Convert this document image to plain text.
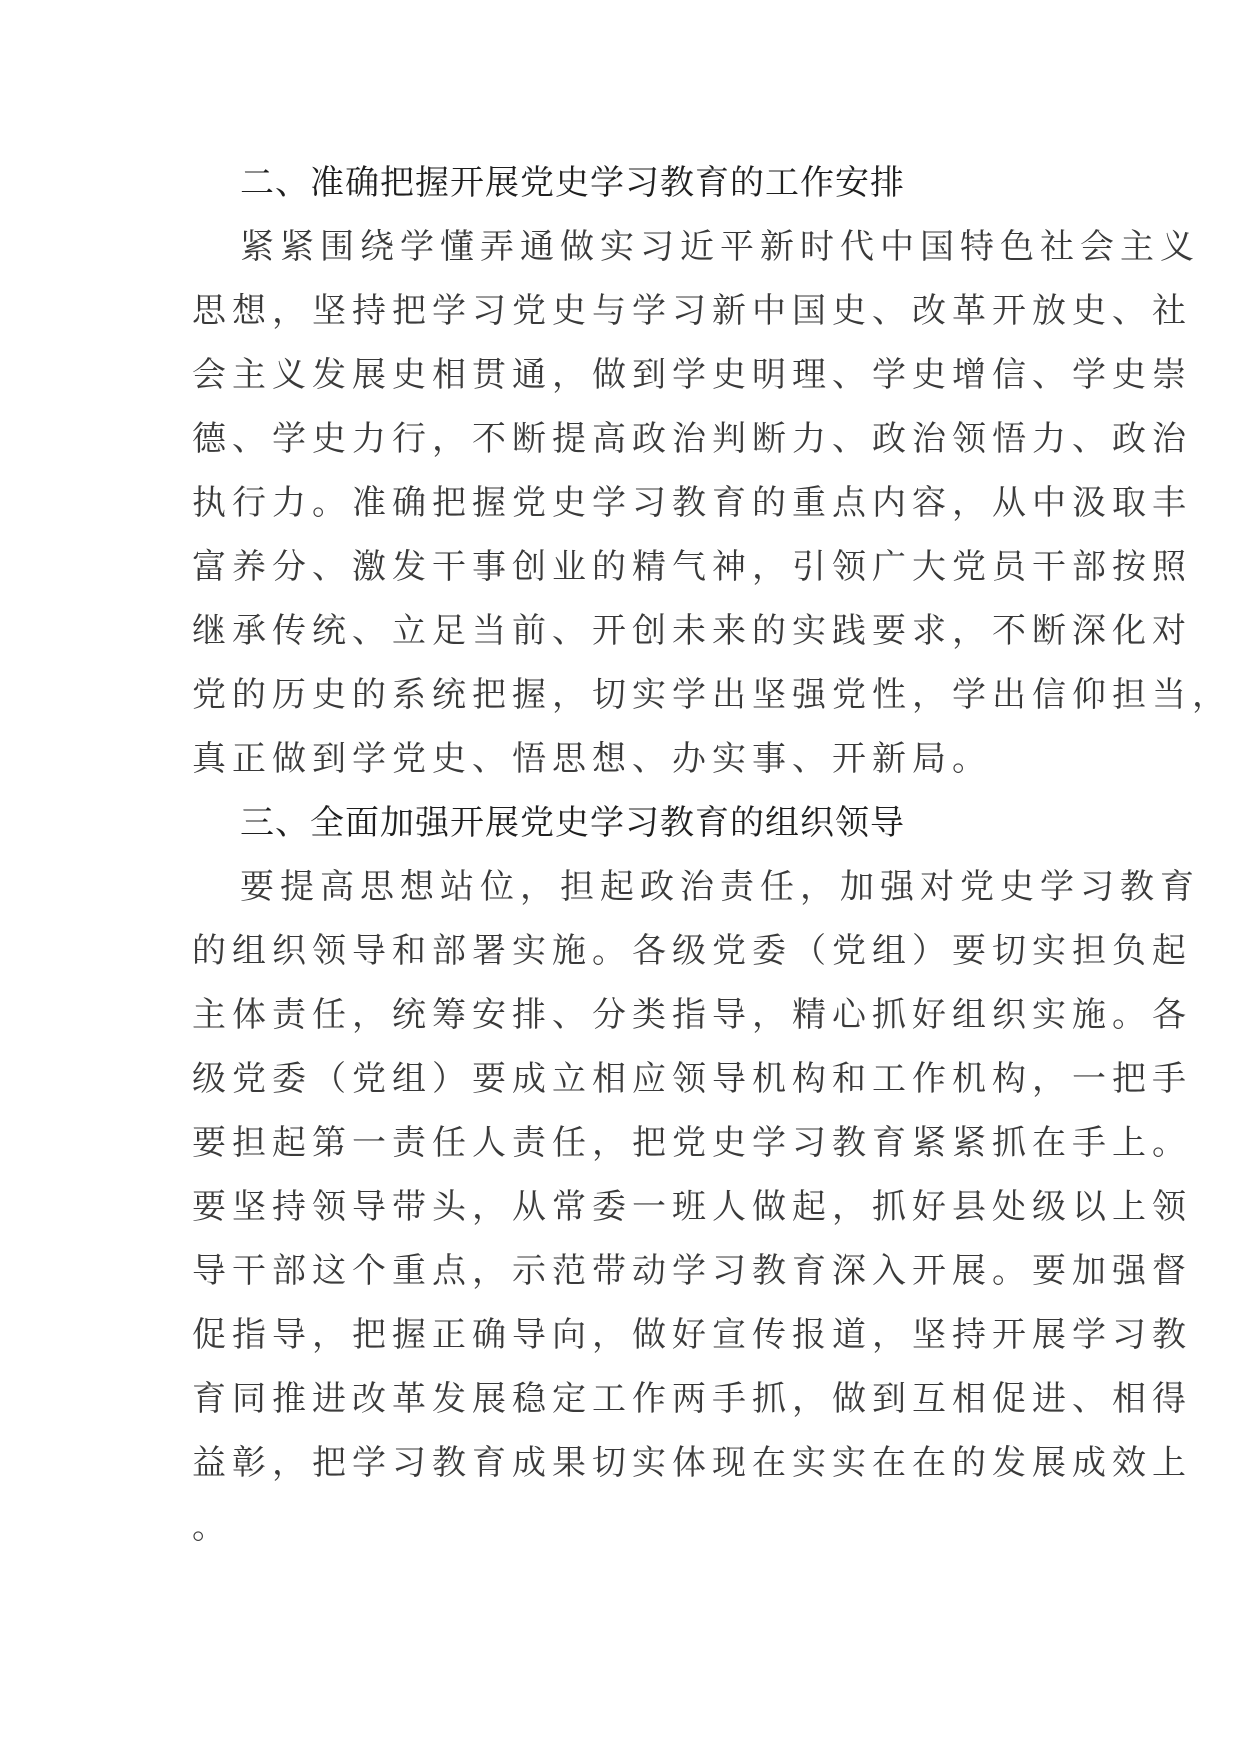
二、准确把握开展党史学习教育的工作安排
紧紧围绕学懂弄通做实习近平新时代中国特色社会主义
思想，坚持把学习党史与学习新中国史、改革开放史、社
会主义发展史相贯通，做到学史明理、学史增信、学史崇
德、学史力行，不断提高政治判断力、政治领悟力、政治
执行力。准确把握党史学习教育的重点内容，从中汲取丰
富养分、激发干事创业的精气神，引领广大党员干部按照
继承传统、立足当前、开创未来的实践要求，不断深化对
党的历史的系统把握，切实学出坚强党性，学出信仰担当，
真正做到学党史、悟思想、办实事、开新局。
三、全面加强开展党史学习教育的组织领导
要提高思想站位，担起政治责任，加强对党史学习教育
的组织领导和部署实施。各级党委（党组）要切实担负起
主体责任，统筹安排、分类指导，精心抓好组织实施。各
级党委（党组）要成立相应领导机构和工作机构，一把手
要担起第一责任人责任，把党史学习教育紧紧抓在手上。
要坚持领导带头，从常委一班人做起，抓好县处级以上领
导干部这个重点，示范带动学习教育深入开展。要加强督
促指导，把握正确导向，做好宣传报道，坚持开展学习教
育同推进改革发展稳定工作两手抓，做到互相促进、相得
益彰，把学习教育成果切实体现在实实在在的发展成效上
。
